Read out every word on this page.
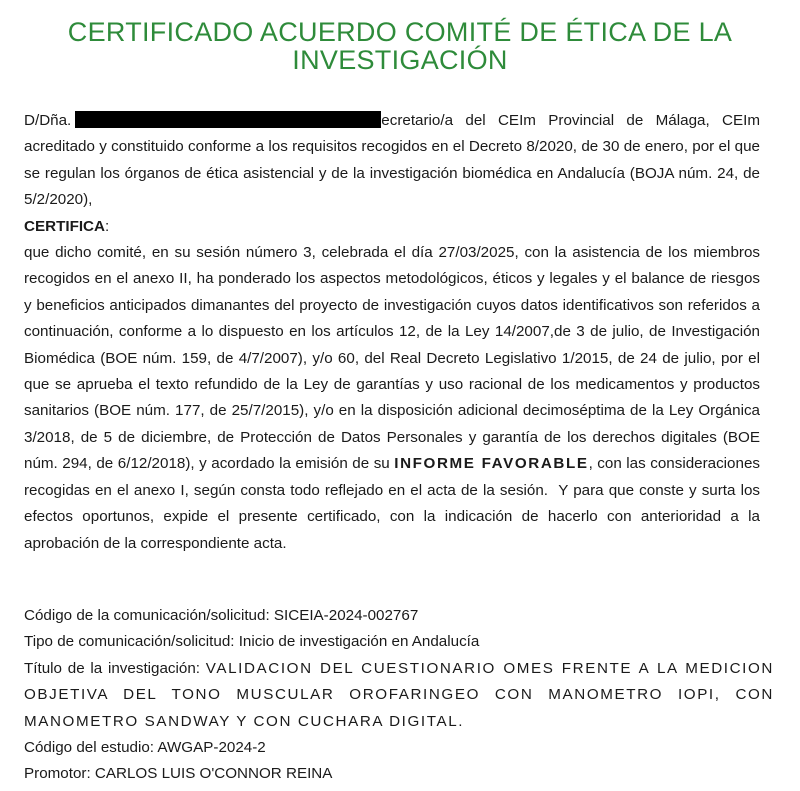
CERTIFICADO ACUERDO COMITÉ DE ÉTICA DE LA INVESTIGACIÓN

D/Dña.	ecretario/a del CEIm Provincial de Málaga, CEIm acreditado y constituido conforme a los requisitos recogidos en el Decreto 8/2020, de 30 de enero, por el que se regulan los órganos de ética asistencial y de la investigación biomédica en Andalucía (BOJA núm. 24, de 5/2/2020),

CERTIFICA:

que dicho comité, en su sesión número 3, celebrada el día 27/03/2025, con la asistencia de los miembros recogidos en el anexo II, ha ponderado los aspectos metodológicos, éticos y legales y el balance de riesgos y beneficios anticipados dimanantes del proyecto de investigación cuyos datos identificativos son referidos a continuación, conforme a lo dispuesto en los artículos 12, de la Ley 14/2007,de 3 de julio, de Investigación Biomédica (BOE núm. 159, de 4/7/2007), y/o 60, del Real Decreto Legislativo 1/2015, de 24 de julio, por el que se aprueba el texto refundido de la Ley de garantías y uso racional de los medicamentos y productos sanitarios (BOE núm. 177, de 25/7/2015), y/o en la disposición adicional decimoséptima de la Ley Orgánica 3/2018, de 5 de diciembre, de Protección de Datos Personales y garantía de los derechos digitales (BOE núm. 294, de 6/12/2018), y acordado la emisión de su INFORME FAVORABLE, con las consideraciones recogidas en el anexo I, según consta todo reflejado en el acta de la sesión. Y para que conste y surta los efectos oportunos, expide el presente certificado, con la indicación de hacerlo con anterioridad a la aprobación de la correspondiente acta.

Código de la comunicación/solicitud: SICEIA-2024-002767

Tipo de comunicación/solicitud: Inicio de investigación en Andalucía

Título de la investigación: VALIDACION DEL CUESTIONARIO OMES FRENTE A LA MEDICION OBJETIVA DEL TONO MUSCULAR OROFARINGEO CON MANOMETRO IOPI, CON MANOMETRO SANDWAY Y CON CUCHARA DIGITAL.

Código del estudio: AWGAP-2024-2

Promotor: CARLOS LUIS O'CONNOR REINA
